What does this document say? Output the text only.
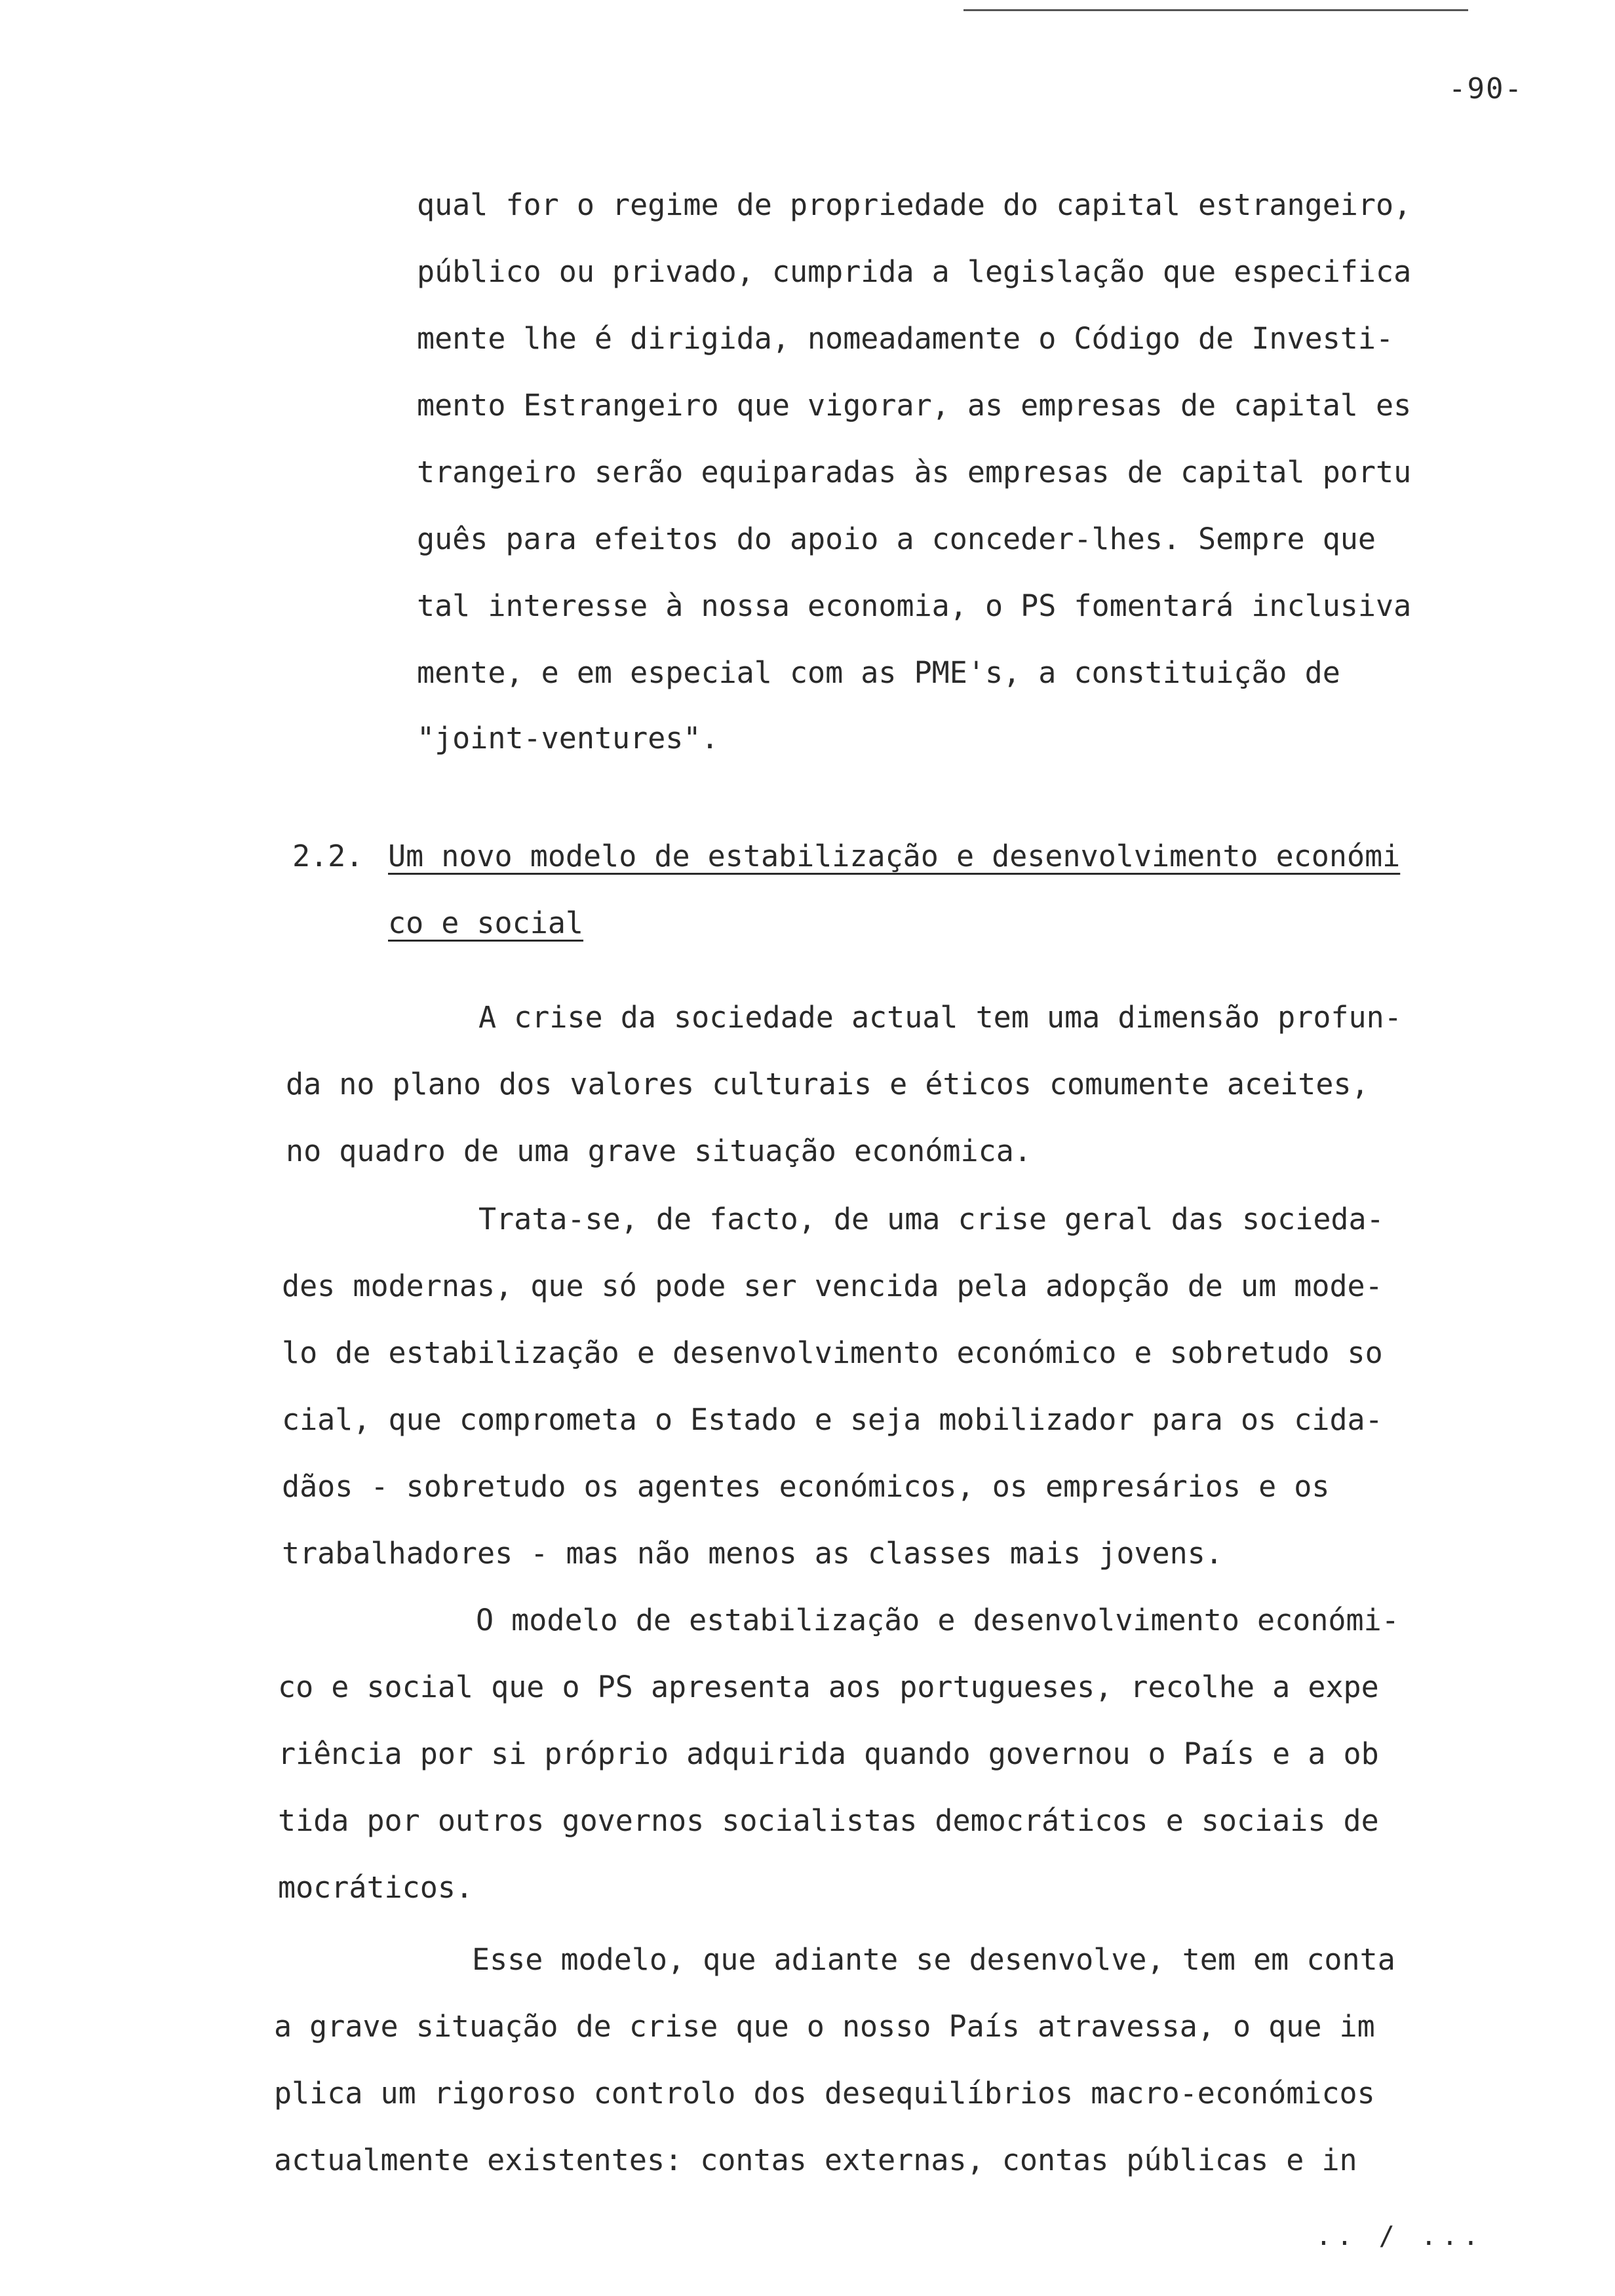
-90-
qual for o regime de propriedade do capital estrangeiro,
público ou privado, cumprida a legislação que especifica
mente lhe é dirigida, nomeadamente o Código de Investi-
mento Estrangeiro que vigorar, as empresas de capital es
trangeiro serão equiparadas às empresas de capital portu
guês para efeitos do apoio a conceder-lhes. Sempre que
tal interesse à nossa economia, o PS fomentará inclusiva
mente, e em especial com as PME's, a constituição de
"joint-ventures".
2.2. Um novo modelo de estabilização e desenvolvimento económi
co e social
A crise da sociedade actual tem uma dimensão profun-
da no plano dos valores culturais e éticos comumente aceites,
no quadro de uma grave situação económica.
Trata-se, de facto, de uma crise geral das socieda-
des modernas, que só pode ser vencida pela adopção de um mode-
lo de estabilização e desenvolvimento económico e sobretudo so
cial, que comprometa o Estado e seja mobilizador para os cida-
dãos - sobretudo os agentes económicos, os empresários e os
trabalhadores - mas não menos as classes mais jovens.
O modelo de estabilização e desenvolvimento económi-
co e social que o PS apresenta aos portugueses, recolhe a expe
riência por si próprio adquirida quando governou o País e a ob
tida por outros governos socialistas democráticos e sociais de
mocráticos.
Esse modelo, que adiante se desenvolve, tem em conta
a grave situação de crise que o nosso País atravessa, o que im
plica um rigoroso controlo dos desequilíbrios macro-económicos
actualmente existentes: contas externas, contas públicas e in
.. / ...
